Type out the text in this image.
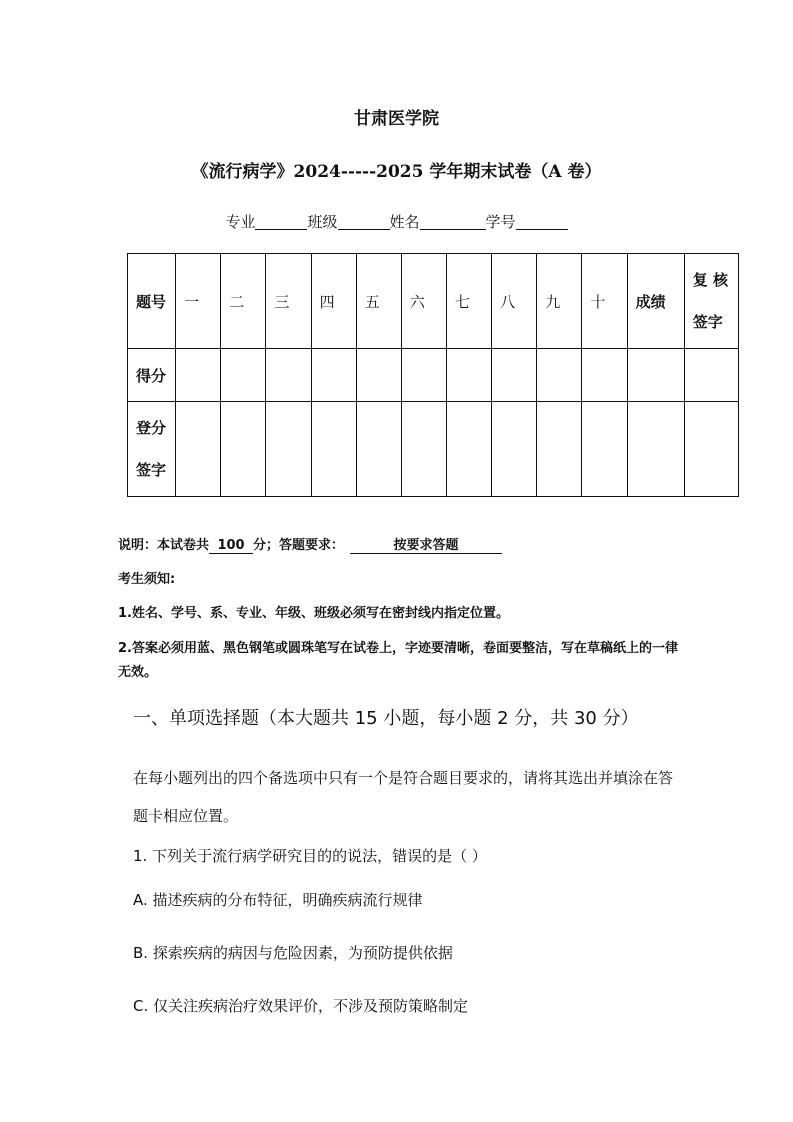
甘肃医学院
《流行病学》2024-----2025 学年期末试卷（A 卷）
专业	班级	姓名	学号
题号	一	二	三	四	五	六	七	八	九	十	成绩	复 核签字
得分												
登分签字												
说明：本试卷共 100 分；答题要求：	按要求答题
考生须知:
1.姓名、学号、系、专业、年级、班级必须写在密封线内指定位置。
2.答案必须用蓝、黑色钢笔或圆珠笔写在试卷上，字迹要清晰，卷面要整洁，写在草稿纸上的一律无效。
一、单项选择题（本大题共 15 小题，每小题 2 分，共 30 分）
在每小题列出的四个备选项中只有一个是符合题目要求的，请将其选出并填涂在答题卡相应位置。
1. 下列关于流行病学研究目的的说法，错误的是（ ）
A. 描述疾病的分布特征，明确疾病流行规律
B. 探索疾病的病因与危险因素，为预防提供依据
C. 仅关注疾病治疗效果评价，不涉及预防策略制定
